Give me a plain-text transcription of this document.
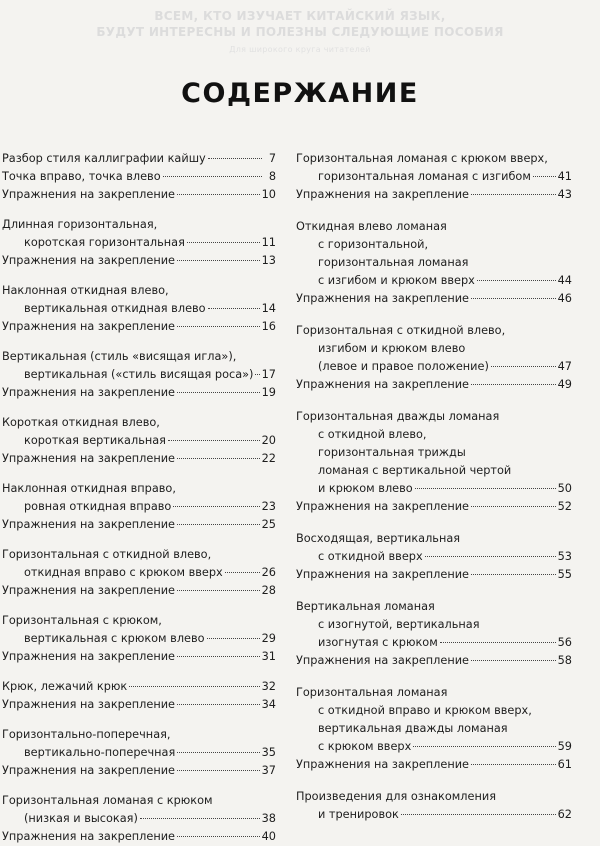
ВСЕМ, КТО ИЗУЧАЕТ КИТАЙСКИЙ ЯЗЫК,
БУДУТ ИНТЕРЕСНЫ И ПОЛЕЗНЫ СЛЕДУЮЩИЕ ПОСОБИЯ
Для широкого круга читателей
СОДЕРЖАНИЕ
Разбор стиля каллиграфии кайшу	7
Точка вправо, точка влево	8
Упражнения на закрепление	10
Длинная горизонтальная,
коротская горизонтальная	11
Упражнения на закрепление	13
Наклонная откидная влево,
вертикальная откидная влево	14
Упражнения на закрепление	16
Вертикальная (стиль «висящая игла»),
вертикальная («стиль висящая роса») 17
Упражнения на закрепление	19
Короткая откидная влево,
короткая вертикальная	20
Упражнения на закрепление	22
Наклонная откидная вправо,
ровная откидная вправо	23
Упражнения на закрепление	25
Горизонтальная с откидной влево,
откидная вправо с крюком вверх	26
Упражнения на закрепление	28
Горизонтальная с крюком,
вертикальная с крюком влево	29
Упражнения на закрепление	31
Крюк, лежачий крюк	32
Упражнения на закрепление	34
Горизонтально-поперечная,
вертикально-поперечная	35
Упражнения на закрепление	37
Горизонтальная ломаная с крюком
(низкая и высокая)	38
Упражнения на закрепление	40
Горизонтальная ломаная с крюком вверх,
горизонтальная ломаная с изгибом 41
Упражнения на закрепление	43
Откидная влево ломаная
с горизонтальной,
горизонтальная ломаная
с изгибом и крюком вверх	44
Упражнения на закрепление	46
Горизонтальная с откидной влево,
изгибом и крюком влево
(левое и правое положение)	47
Упражнения на закрепление	49
Горизонтальная дважды ломаная
с откидной влево,
горизонтальная трижды
ломаная с вертикальной чертой
и крюком влево	50
Упражнения на закрепление	52
Восходящая, вертикальная
с откидной вверх	53
Упражнения на закрепление	55
Вертикальная ломаная
с изогнутой, вертикальная
изогнутая с крюком	56
Упражнения на закрепление	58
Горизонтальная ломаная
с откидной вправо и крюком вверх,
вертикальная дважды ломаная
с крюком вверх	59
Упражнения на закрепление	61
Произведения для ознакомления
и тренировок	62
